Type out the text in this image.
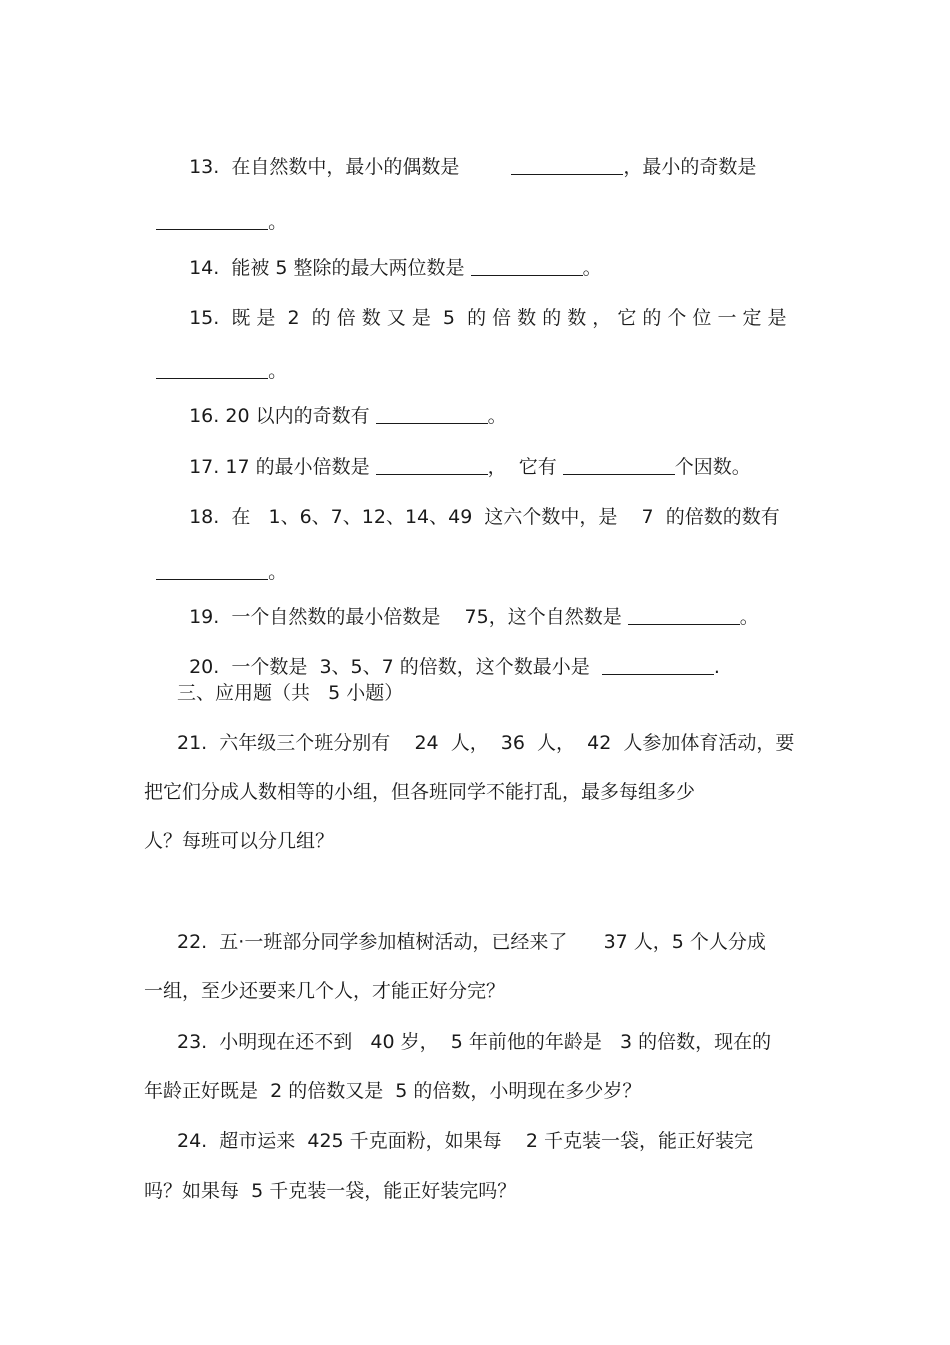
13.  在自然数中，最小的偶数是	，最小的奇数是

。

14.  能被 5 整除的最大两位数是	。

15.  既 是  2  的 倍 数 又 是  5  的 倍 数 的 数 ， 它 的 个 位 一 定 是

。

16. 20 以内的奇数有	。

17. 17 的最小倍数是	，  它有	个因数。

18.  在   1、6、7、12、14、49  这六个数中，是    7  的倍数的数有

。

19.  一个自然数的最小倍数是    75，这个自然数是	。

20.  一个数是  3、5、7 的倍数，这个数最小是	.

三、应用题（共   5 小题）
21.  六年级三个班分别有    24  人，  36  人，  42  人参加体育活动，要
把它们分成人数相等的小组，但各班同学不能打乱，最多每组多少
人？每班可以分几组？
22.  五·一班部分同学参加植树活动，已经来了      37 人，5 个人分成
一组，至少还要来几个人，才能正好分完？
23.  小明现在还不到   40 岁，  5 年前他的年龄是   3 的倍数，现在的
年龄正好既是  2 的倍数又是  5 的倍数，小明现在多少岁？
24.  超市运来  425 千克面粉，如果每    2 千克装一袋，能正好装完
吗？如果每  5 千克装一袋，能正好装完吗？
